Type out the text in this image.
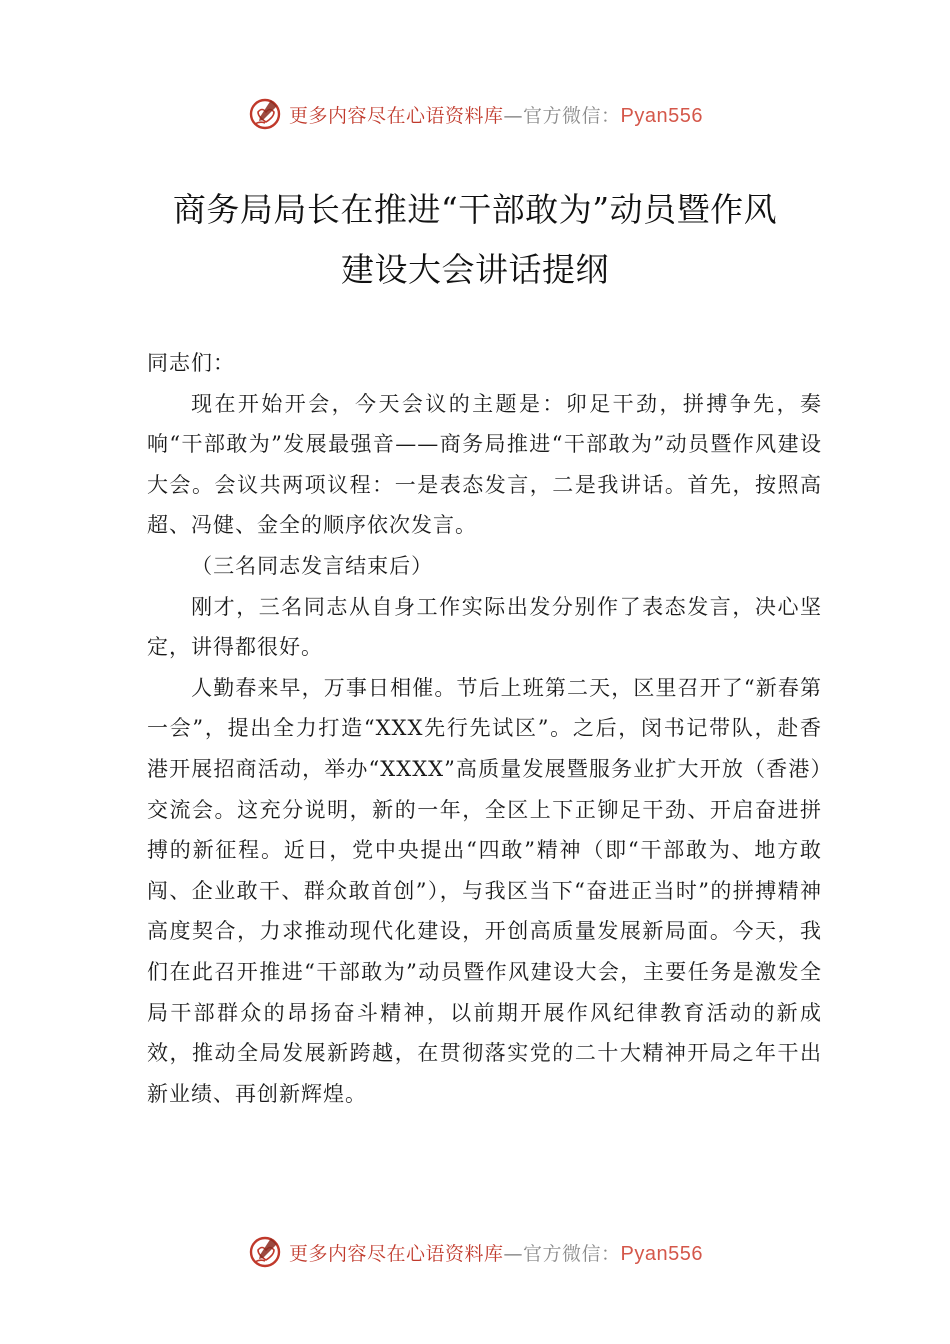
更多内容尽在心语资料库—官方微信：Pyan556
商务局局长在推进“干部敢为”动员暨作风
建设大会讲话提纲

同志们：

现在开始开会，今天会议的主题是：卯足干劲，拼搏争先，奏响“干部敢为”发展最强音——商务局推进“干部敢为”动员暨作风建设大会。会议共两项议程：一是表态发言，二是我讲话。首先，按照高超、冯健、金全的顺序依次发言。

（三名同志发言结束后）

刚才，三名同志从自身工作实际出发分别作了表态发言，决心坚定，讲得都很好。

人勤春来早，万事日相催。节后上班第二天，区里召开了“新春第一会”，提出全力打造“XXX先行先试区”。之后，闵书记带队，赴香港开展招商活动，举办“XXXX”高质量发展暨服务业扩大开放（香港）交流会。这充分说明，新的一年，全区上下正铆足干劲、开启奋进拼搏的新征程。近日，党中央提出“四敢”精神（即“干部敢为、地方敢闯、企业敢干、群众敢首创”），与我区当下“奋进正当时”的拼搏精神高度契合，力求推动现代化建设，开创高质量发展新局面。今天，我们在此召开推进“干部敢为”动员暨作风建设大会，主要任务是激发全局干部群众的昂扬奋斗精神，以前期开展作风纪律教育活动的新成效，推动全局发展新跨越，在贯彻落实党的二十大精神开局之年干出新业绩、再创新辉煌。

更多内容尽在心语资料库—官方微信：Pyan556
